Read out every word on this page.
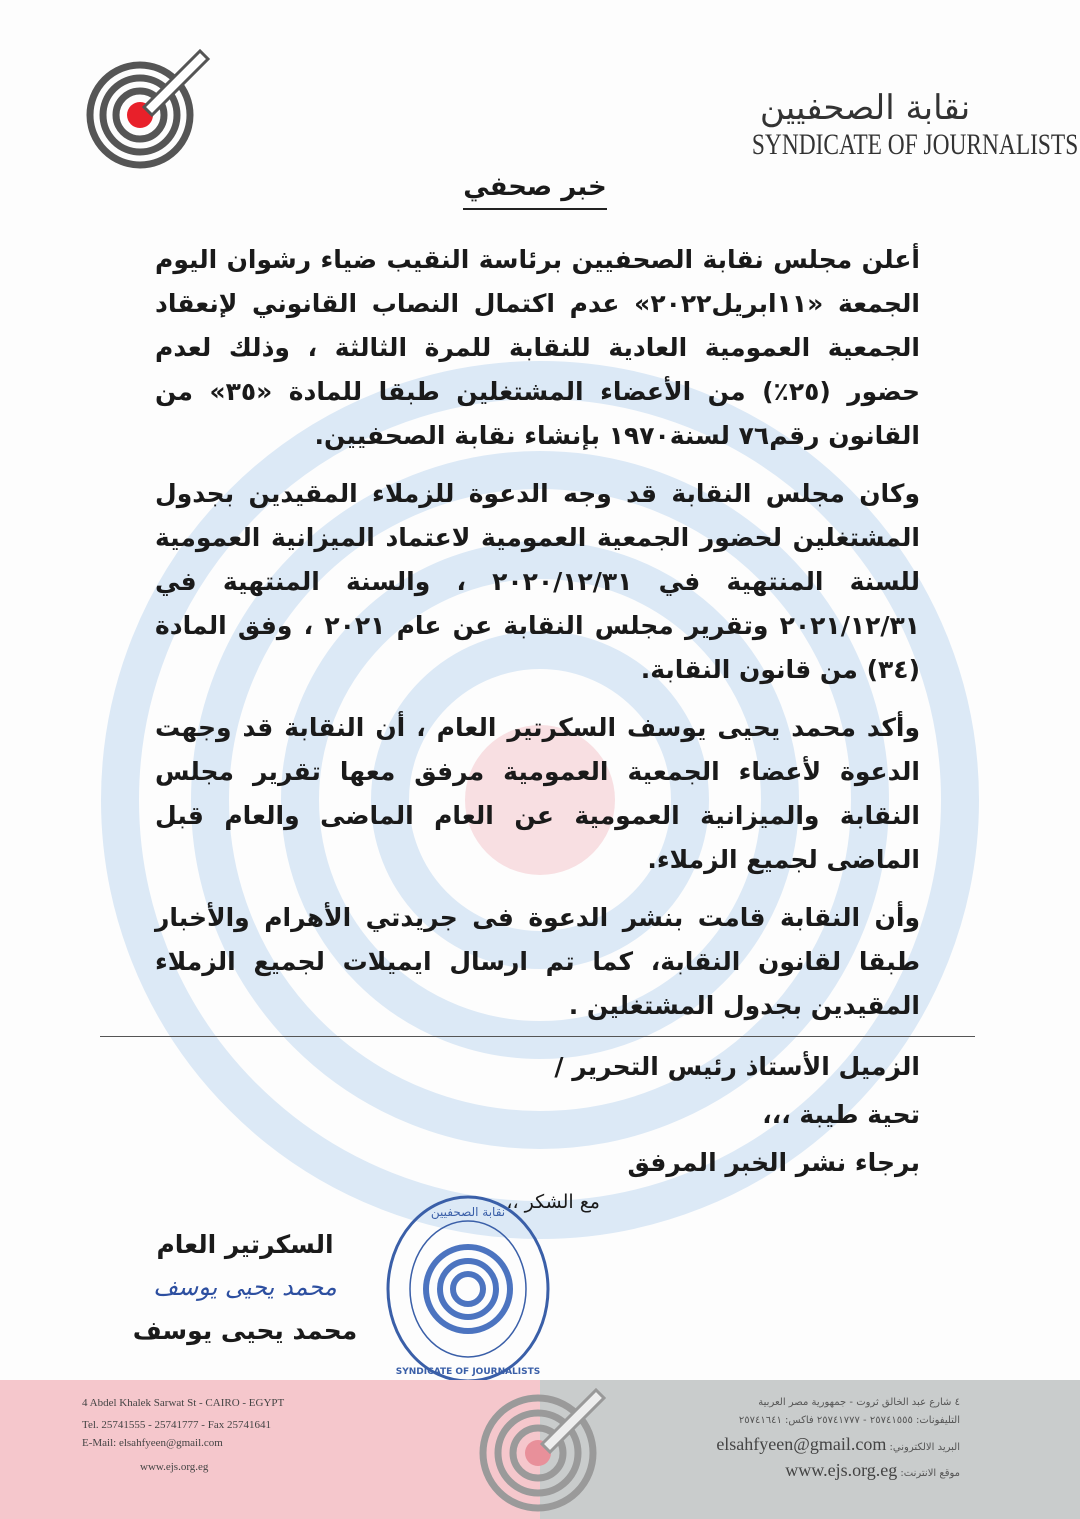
نقابة الصحفيين
SYNDICATE OF JOURNALISTS
خبر صحفي
أعلن مجلس نقابة الصحفيين برئاسة النقيب ضياء رشوان اليوم الجمعة «١١ابريل٢٠٢٢» عدم اكتمال النصاب القانوني لإنعقاد الجمعية العمومية العادية للنقابة للمرة الثالثة ، وذلك لعدم حضور (٢٥٪) من الأعضاء المشتغلين طبقا للمادة «٣٥» من القانون رقم٧٦ لسنة١٩٧٠ بإنشاء نقابة الصحفيين.
وكان مجلس النقابة قد وجه الدعوة للزملاء المقيدين بجدول المشتغلين لحضور الجمعية العمومية لاعتماد الميزانية العمومية للسنة المنتهية في ٢٠٢٠/١٢/٣١ ، والسنة المنتهية في ٢٠٢١/١٢/٣١ وتقرير مجلس النقابة عن عام ٢٠٢١ ، وفق المادة (٣٤) من قانون النقابة.
وأكد محمد يحيى يوسف السكرتير العام ، أن النقابة قد وجهت الدعوة لأعضاء الجمعية العمومية مرفق معها تقرير مجلس النقابة والميزانية العمومية عن العام الماضى والعام قبل الماضى لجميع الزملاء.
وأن النقابة قامت بنشر الدعوة فى جريدتي الأهرام والأخبار طبقا لقانون النقابة، كما تم ارسال ايميلات لجميع الزملاء المقيدين بجدول المشتغلين .
الزميل الأستاذ رئيس التحرير /
تحية طيبة ،،،
برجاء نشر الخبر المرفق
مع الشكر ،،
نقابة الصحفيين
SYNDICATE OF JOURNALISTS
السكرتير العام
محمد يحيى يوسف
محمد يحيى يوسف
4 Abdel Khalek Sarwat St - CAIRO - EGYPT
Tel. 25741555 - 25741777 - Fax 25741641
E-Mail: elsahfyeen@gmail.com
www.ejs.org.eg
٤ شارع عبد الخالق ثروت - جمهورية مصر العربية
التليفونات: ٢٥٧٤١٥٥٥ - ٢٥٧٤١٧٧٧ فاكس: ٢٥٧٤١٦٤١
البريد الالكتروني: elsahfyeen@gmail.com
موقع الانترنت: www.ejs.org.eg
